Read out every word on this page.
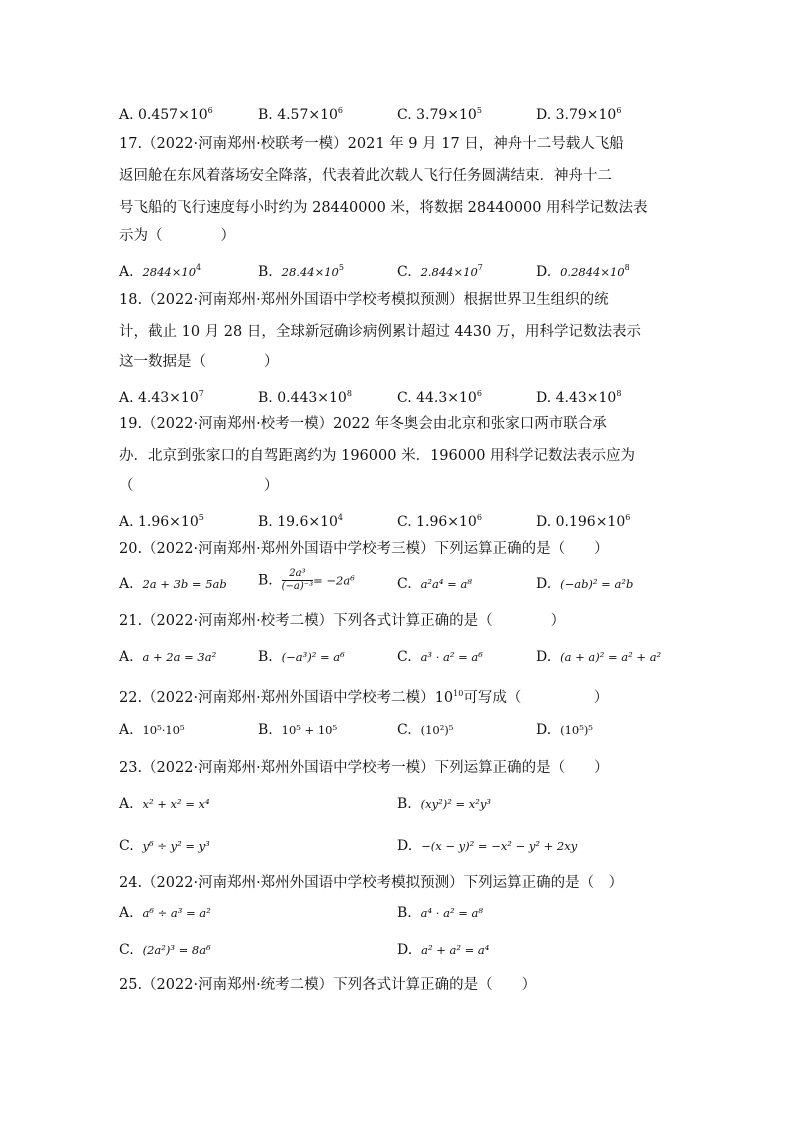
A. $0.457\times 10^6$	B. $4.57\times 10^6$	C. $3.79\times 10^5$	D. $3.79\times 10^6$
17.（2022·河南郑州·校联考一模）2021 年 9 月 17 日，神舟十二号载人飞船
返回舱在东风着落场安全降落，代表着此次载人飞行任务圆满结束．神舟十二
号飞船的飞行速度每小时约为 28440000 米，将数据 28440000 用科学记数法表
示为（　　　　）
A. $2844\times 10^4$	B. $28.44\times 10^5$	C. $2.844\times 10^7$	D. $0.2844\times 10^8$
18.（2022·河南郑州·郑州外国语中学校考模拟预测）根据世界卫生组织的统
计，截止 10 月 28 日，全球新冠确诊病例累计超过 4430 万，用科学记数法表示
这一数据是（　　　　）
A. $4.43\times 10^7$	B. $0.443\times 10^8$	C. $44.3\times 10^6$	D. $4.43\times 10^8$
19.（2022·河南郑州·校考一模）2022 年冬奥会由北京和张家口两市联合承
办．北京到张家口的自驾距离约为 196000 米．196000 用科学记数法表示应为
（　　　　　　　　　）
A. $1.96\times 10^5$	B. $19.6\times 10^4$	C. $1.96\times 10^6$	D. $0.196\times 10^6$
20.（2022·河南郑州·郑州外国语中学校考三模）下列运算正确的是（　　）
A. 2a + 3b = 5ab B. $\frac{\text{2a³}}{\text{(−a)⁻³}} = -2a^6$	C. a²a⁴ = a⁸	D. (−ab)² = a²b
21.（2022·河南郑州·校考二模）下列各式计算正确的是（　　　　）
A. a + 2a = 3a²	B. (−a³)² = a⁶	C. a³ · a² = a⁶	D. (a + a)² = a² + a²
22.（2022·河南郑州·郑州外国语中学校考二模）$10^{10}$可写成（　　　　　）
A. 10⁵·10⁵	B. 10⁵ + 10⁵	C. (10²)⁵	D. (10⁵)⁵
23.（2022·河南郑州·郑州外国语中学校考一模）下列运算正确的是（　　）
A. x² + x² = x⁴	B. (xy²)² = x²y³
C. y⁶ ÷ y² = y³	D. −(x − y)² = −x² − y² + 2xy
24.（2022·河南郑州·郑州外国语中学校考模拟预测）下列运算正确的是（　）
A. a⁶ ÷ a³ = a²	B. a⁴ · a² = a⁸
C. (2a²)³ = 8a⁶	D. a² + a² = a⁴
25.（2022·河南郑州·统考二模）下列各式计算正确的是（　　）
